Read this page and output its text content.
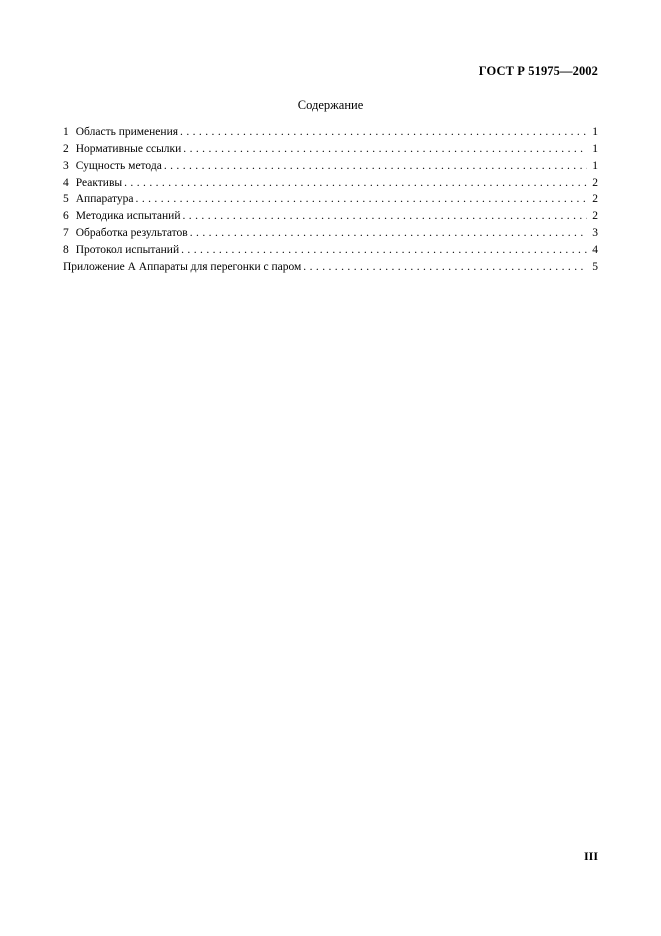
ГОСТ Р 51975—2002
Содержание
1 Область применения . . .	1
2 Нормативные ссылки . . .	1
3 Сущность метода . . .	1
4 Реактивы . . .	2
5 Аппаратура . . .	2
6 Методика испытаний . . .	2
7 Обработка результатов . . .	3
8 Протокол испытаний . . .	4
Приложение А Аппараты для перегонки с паром . . .	5
III
